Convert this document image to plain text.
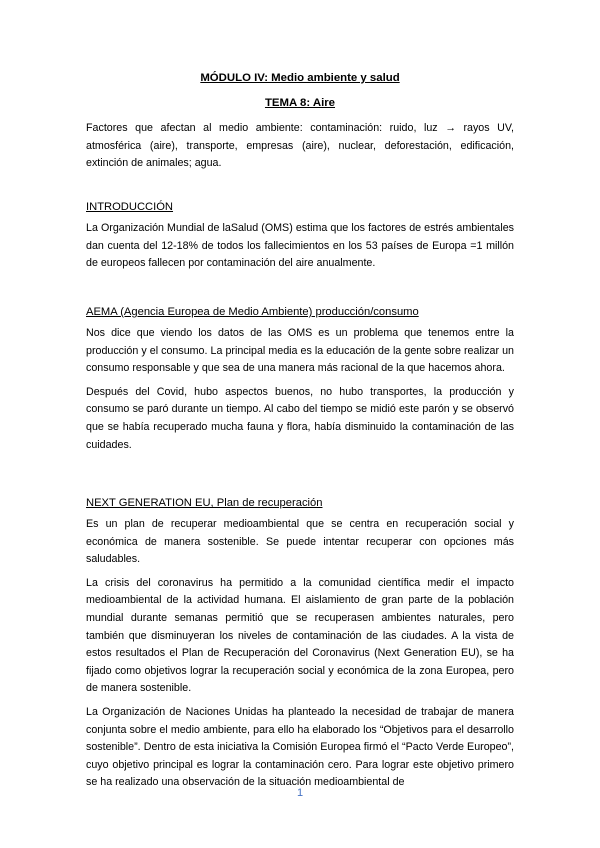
MÓDULO IV: Medio ambiente y salud
TEMA 8: Aire

Factores que afectan al medio ambiente: contaminación: ruido, luz → rayos UV, atmosférica (aire), transporte, empresas (aire), nuclear, deforestación, edificación, extinción de animales; agua.

INTRODUCCIÓN

La Organización Mundial de laSalud (OMS) estima que los factores de estrés ambientales dan cuenta del 12-18% de todos los fallecimientos en los 53 países de Europa =1 millón de europeos fallecen por contaminación del aire anualmente.

AEMA (Agencia Europea de Medio Ambiente) producción/consumo

Nos dice que viendo los datos de las OMS es un problema que tenemos entre la producción y el consumo. La principal media es la educación de la gente sobre realizar un consumo responsable y que sea de una manera más racional de la que hacemos ahora.

Después del Covid, hubo aspectos buenos, no hubo transportes, la producción y consumo se paró durante un tiempo. Al cabo del tiempo se midió este parón y se observó que se había recuperado mucha fauna y flora, había disminuido la contaminación de las cuidades.

NEXT GENERATION EU, Plan de recuperación

Es un plan de recuperar medioambiental que se centra en recuperación social y económica de manera sostenible. Se puede intentar recuperar con opciones más saludables.

La crisis del coronavirus ha permitido a la comunidad científica medir el impacto medioambiental de la actividad humana. El aislamiento de gran parte de la población mundial durante semanas permitió que se recuperasen ambientes naturales, pero también que disminuyeran los niveles de contaminación de las ciudades. A la vista de estos resultados el Plan de Recuperación del Coronavirus (Next Generation EU), se ha fijado como objetivos lograr la recuperación social y económica de la zona Europea, pero de manera sostenible.

La Organización de Naciones Unidas ha planteado la necesidad de trabajar de manera conjunta sobre el medio ambiente, para ello ha elaborado los “Objetivos para el desarrollo sostenible”. Dentro de esta iniciativa la Comisión Europea firmó el “Pacto Verde Europeo”, cuyo objetivo principal es lograr la contaminación cero. Para lograr este objetivo primero se ha realizado una observación de la situación medioambiental de

1
